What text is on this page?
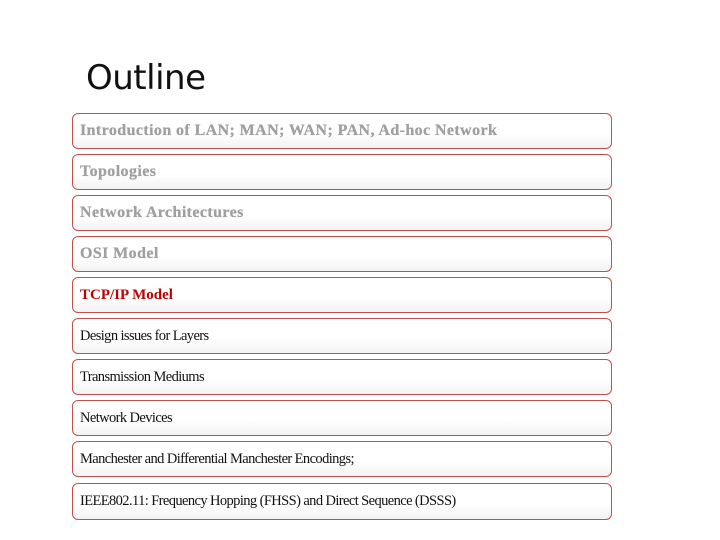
Outline
Introduction of LAN; MAN; WAN; PAN, Ad-hoc Network
Topologies
Network Architectures
OSI Model
TCP/IP Model
Design issues for Layers
Transmission Mediums
Network Devices
Manchester and Differential Manchester Encodings;
IEEE802.11: Frequency Hopping (FHSS) and Direct Sequence (DSSS)
